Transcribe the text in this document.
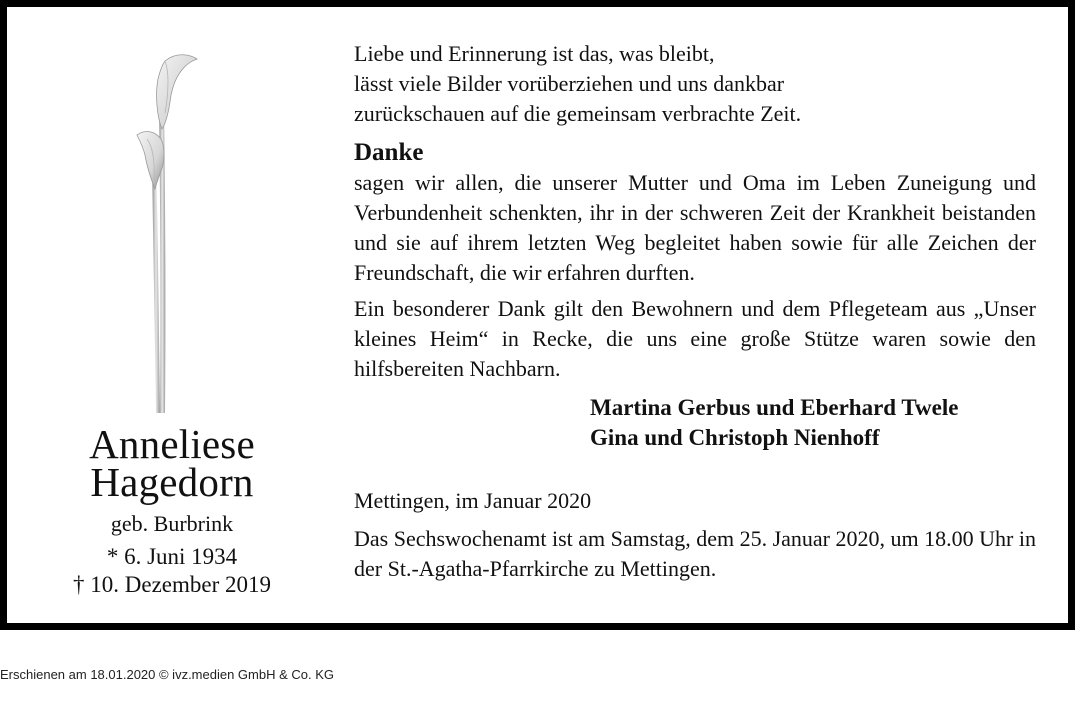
Anneliese
Hagedorn
geb. Burbrink
* 6. Juni 1934
† 10. Dezember 2019
Liebe und Erinnerung ist das, was bleibt,
lässt viele Bilder vorüberziehen und uns dankbar
zurückschauen auf die gemeinsam verbrachte Zeit.
Danke

sagen wir allen, die unserer Mutter und Oma im Leben Zuneigung und Verbundenheit schenkten, ihr in der schweren Zeit der Krankheit beistanden und sie auf ihrem letzten Weg begleitet haben sowie für alle Zeichen der Freundschaft, die wir erfahren durften.

Ein besonderer Dank gilt den Bewohnern und dem Pflegeteam aus „Unser kleines Heim“ in Recke, die uns eine große Stütze waren sowie den hilfsbereiten Nachbarn.

Martina Gerbus und Eberhard Twele
Gina und Christoph Nienhoff
Mettingen, im Januar 2020

Das Sechswochenamt ist am Samstag, dem 25. Januar 2020, um 18.00 Uhr in der St.-Agatha-Pfarrkirche zu Mettingen.

Erschienen am 18.01.2020 © ivz.medien GmbH & Co. KG
